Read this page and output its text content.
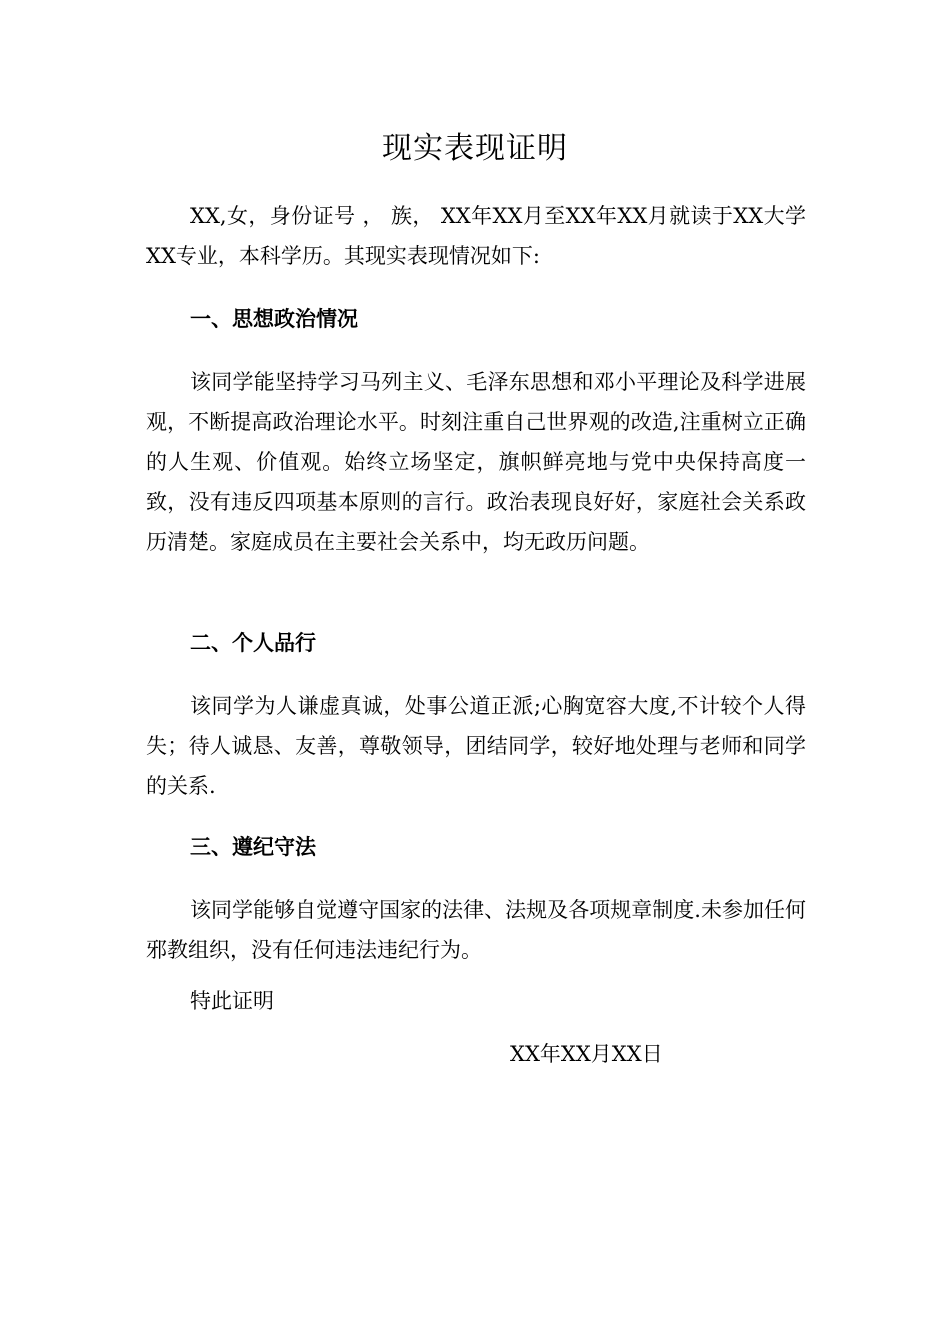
现实表现证明

XX,女，身份证号 ， 族， XX年XX月至XX年XX月就读于XX大学XX专业，本科学历。其现实表现情况如下:

一、思想政治情况

该同学能坚持学习马列主义、毛泽东思想和邓小平理论及科学进展观，不断提高政治理论水平。时刻注重自己世界观的改造,注重树立正确的人生观、价值观。始终立场坚定，旗帜鲜亮地与党中央保持高度一致，没有违反四项基本原则的言行。政治表现良好好，家庭社会关系政历清楚。家庭成员在主要社会关系中，均无政历问题。

二、个人品行

该同学为人谦虚真诚，处事公道正派;心胸宽容大度,不计较个人得失；待人诚恳、友善，尊敬领导，团结同学，较好地处理与老师和同学的关系.

三、遵纪守法

该同学能够自觉遵守国家的法律、法规及各项规章制度.未参加任何邪教组织，没有任何违法违纪行为。

特此证明
XX年XX月XX日
